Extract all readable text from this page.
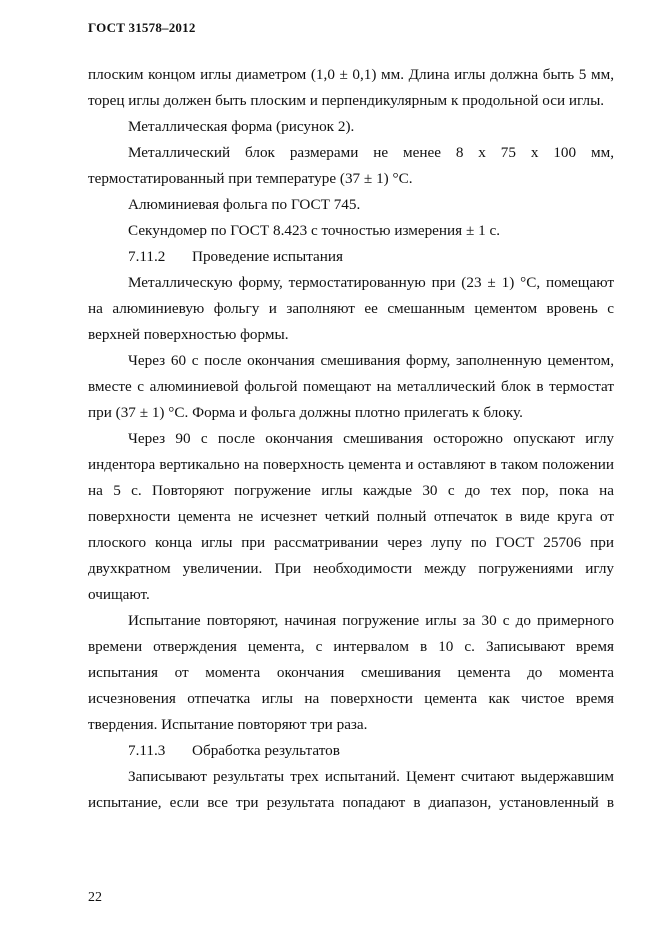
ГОСТ 31578–2012

плоским концом иглы диаметром (1,0 ± 0,1) мм. Длина иглы должна быть 5 мм, торец иглы должен быть плоским и перпендикулярным к продольной оси иглы.

Металлическая форма (рисунок 2).

Металлический блок размерами не менее 8 x 75 x 100 мм, термостатированный при температуре (37 ± 1) °С.

Алюминиевая фольга по ГОСТ 745.

Секундомер по ГОСТ 8.423 с точностью измерения ± 1 с.

7.11.2 Проведение испытания

Металлическую форму, термостатированную при (23 ± 1) °С, помещают на алюминиевую фольгу и заполняют ее смешанным цементом вровень с верхней поверхностью формы.

Через 60 с после окончания смешивания форму, заполненную цементом, вместе с алюминиевой фольгой помещают на металлический блок в термостат при (37 ± 1) °С. Форма и фольга должны плотно прилегать к блоку.

Через 90 с после окончания смешивания осторожно опускают иглу индентора вертикально на поверхность цемента и оставляют в таком положении на 5 с. Повторяют погружение иглы каждые 30 с до тех пор, пока на поверхности цемента не исчезнет четкий полный отпечаток в виде круга от плоского конца иглы при рассматривании через лупу по ГОСТ 25706 при двухкратном увеличении. При необходимости между погружениями иглу очищают.

Испытание повторяют, начиная погружение иглы за 30 с до примерного времени отверждения цемента, с интервалом в 10 с. Записывают время испытания от момента окончания смешивания цемента до момента исчезновения отпечатка иглы на поверхности цемента как чистое время твердения. Испытание повторяют три раза.

7.11.3 Обработка результатов

Записывают результаты трех испытаний. Цемент считают выдержавшим испытание, если все три результата попадают в диапазон, установленный в

22
